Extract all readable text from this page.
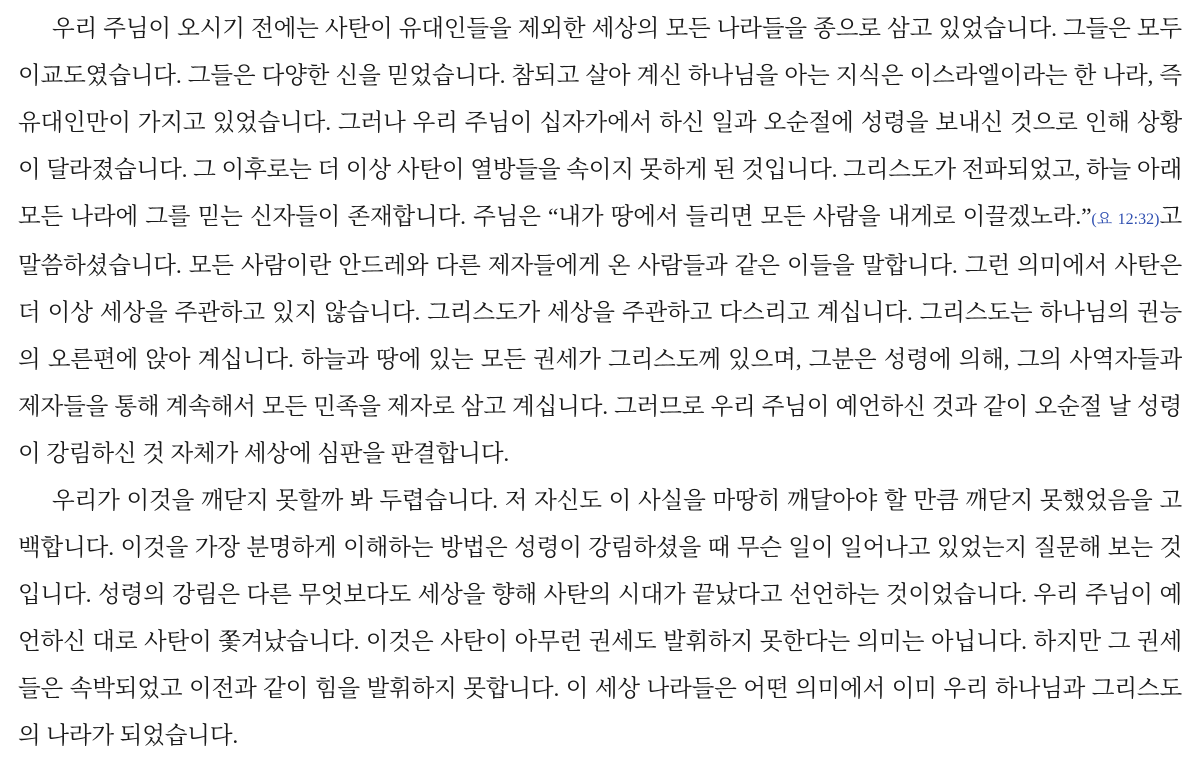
우리 주님이 오시기 전에는 사탄이 유대인들을 제외한 세상의 모든 나라들을 종으로 삼고 있었습니다. 그들은 모두 이교도였습니다. 그들은 다양한 신을 믿었습니다. 참되고 살아 계신 하나님을 아는 지식은 이스라엘이라는 한 나라, 즉 유대인만이 가지고 있었습니다. 그러나 우리 주님이 십자가에서 하신 일과 오순절에 성령을 보내신 것으로 인해 상황이 달라졌습니다. 그 이후로는 더 이상 사탄이 열방들을 속이지 못하게 된 것입니다. 그리스도가 전파되었고, 하늘 아래 모든 나라에 그를 믿는 신자들이 존재합니다. 주님은 “내가 땅에서 들리면 모든 사람을 내게로 이끌겠노라.”(요 12:32)고 말씀하셨습니다. 모든 사람이란 안드레와 다른 제자들에게 온 사람들과 같은 이들을 말합니다. 그런 의미에서 사탄은 더 이상 세상을 주관하고 있지 않습니다. 그리스도가 세상을 주관하고 다스리고 계십니다. 그리스도는 하나님의 권능의 오른편에 앉아 계십니다. 하늘과 땅에 있는 모든 권세가 그리스도께 있으며, 그분은 성령에 의해, 그의 사역자들과 제자들을 통해 계속해서 모든 민족을 제자로 삼고 계십니다. 그러므로 우리 주님이 예언하신 것과 같이 오순절 날 성령이 강림하신 것 자체가 세상에 심판을 판결합니다.

우리가 이것을 깨닫지 못할까 봐 두렵습니다. 저 자신도 이 사실을 마땅히 깨달아야 할 만큼 깨닫지 못했었음을 고백합니다. 이것을 가장 분명하게 이해하는 방법은 성령이 강림하셨을 때 무슨 일이 일어나고 있었는지 질문해 보는 것입니다. 성령의 강림은 다른 무엇보다도 세상을 향해 사탄의 시대가 끝났다고 선언하는 것이었습니다. 우리 주님이 예언하신 대로 사탄이 쫓겨났습니다. 이것은 사탄이 아무런 권세도 발휘하지 못한다는 의미는 아닙니다. 하지만 그 권세들은 속박되었고 이전과 같이 힘을 발휘하지 못합니다. 이 세상 나라들은 어떤 의미에서 이미 우리 하나님과 그리스도의 나라가 되었습니다.
